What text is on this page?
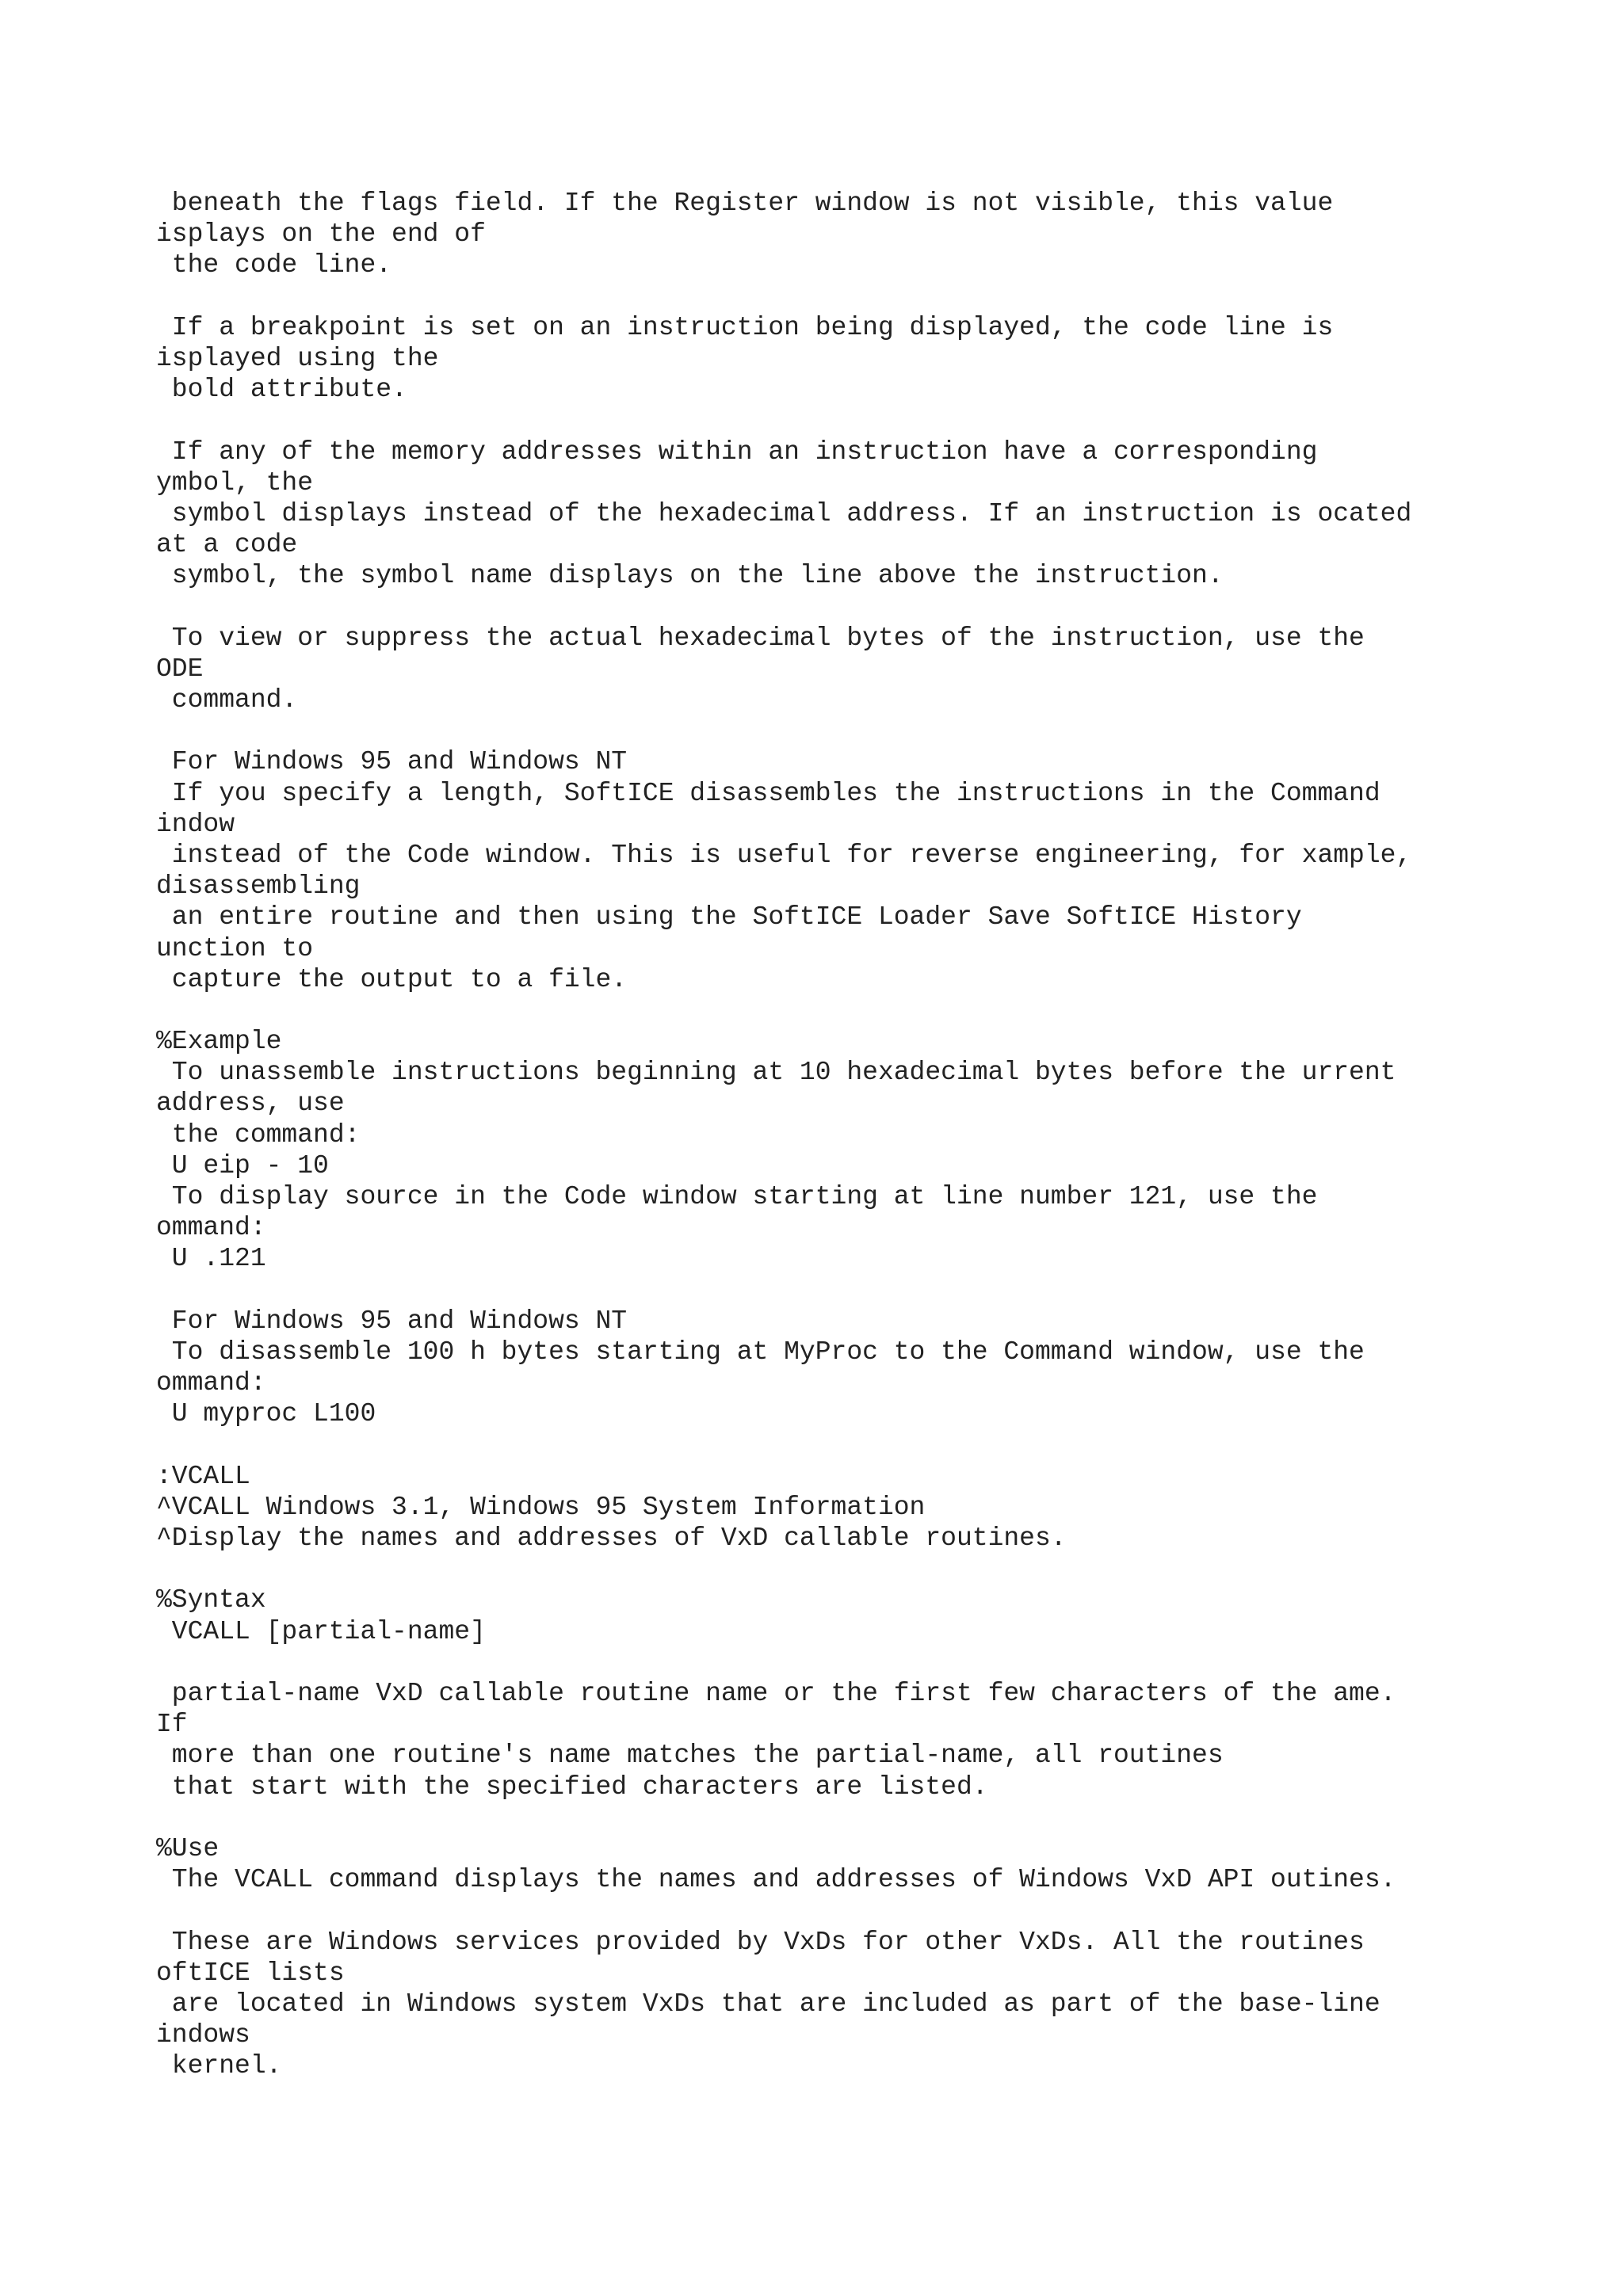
beneath the flags field. If the Register window is not visible, this value
isplays on the end of
the code line.
If a breakpoint is set on an instruction being displayed, the code line is
isplayed using the
bold attribute.
If any of the memory addresses within an instruction have a corresponding
ymbol, the
symbol displays instead of the hexadecimal address. If an instruction is ocated
at a code
symbol, the symbol name displays on the line above the instruction.
To view or suppress the actual hexadecimal bytes of the instruction, use the
ODE
command.
For Windows 95 and Windows NT
If you specify a length, SoftICE disassembles the instructions in the Command
indow
instead of the Code window. This is useful for reverse engineering, for xample,
disassembling
an entire routine and then using the SoftICE Loader Save SoftICE History
unction to
capture the output to a file.
%Example
To unassemble instructions beginning at 10 hexadecimal bytes before the urrent
address, use
the command:
U eip - 10
To display source in the Code window starting at line number 121, use the
ommand:
U .121
For Windows 95 and Windows NT
To disassemble 100 h bytes starting at MyProc to the Command window, use the
ommand:
U myproc L100
:VCALL
^VCALL Windows 3.1, Windows 95 System Information
^Display the names and addresses of VxD callable routines.
%Syntax
VCALL [partial-name]
partial-name VxD callable routine name or the first few characters of the ame.
If
more than one routine's name matches the partial-name, all routines
that start with the specified characters are listed.
%Use
The VCALL command displays the names and addresses of Windows VxD API outines.
These are Windows services provided by VxDs for other VxDs. All the routines
oftICE lists
are located in Windows system VxDs that are included as part of the base-line
indows
kernel.
